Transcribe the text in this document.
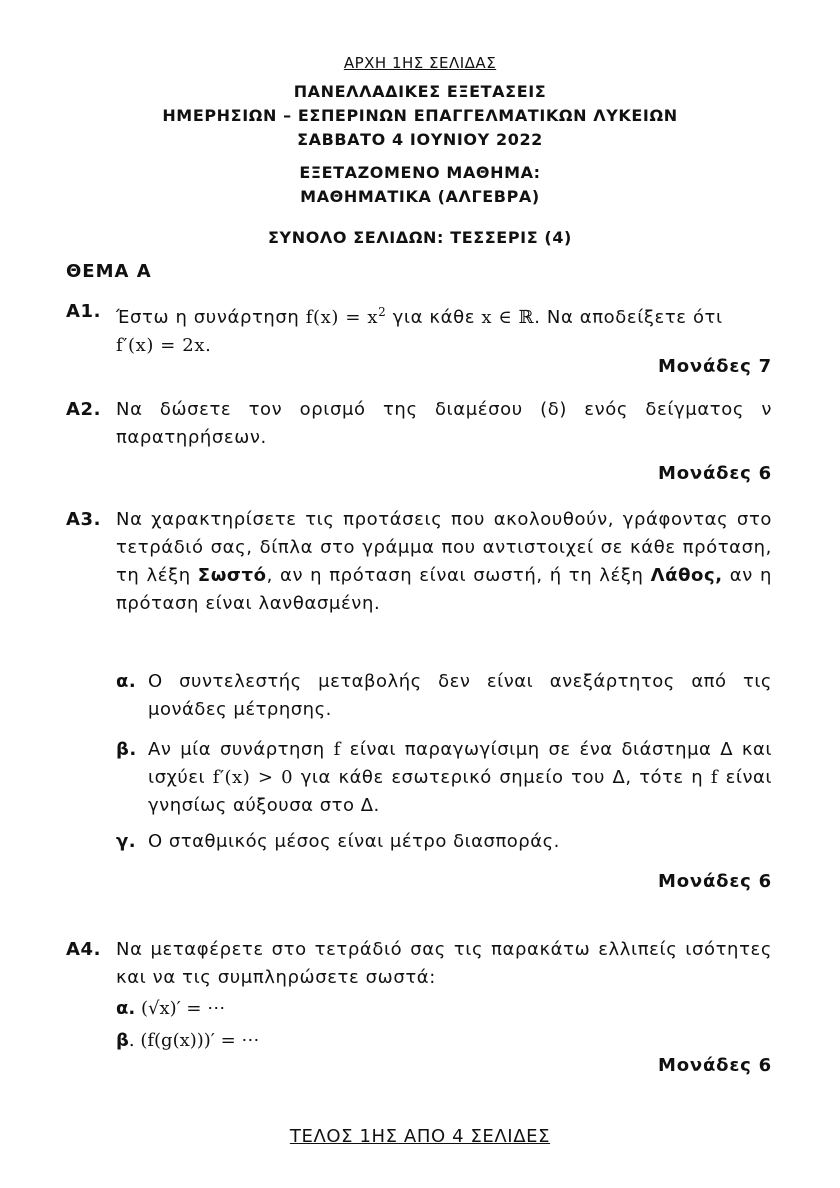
ΑΡΧΗ 1ΗΣ ΣΕΛΙΔΑΣ
ΠΑΝΕΛΛΑΔΙΚΕΣ ΕΞΕΤΑΣΕΙΣ
ΗΜΕΡΗΣΙΩΝ – ΕΣΠΕΡΙΝΩΝ ΕΠΑΓΓΕΛΜΑΤΙΚΩΝ ΛΥΚΕΙΩΝ
ΣΑΒΒΑΤΟ 4 ΙΟΥΝΙΟΥ 2022
ΕΞΕΤΑΖΟΜΕΝΟ ΜΑΘΗΜΑ:
ΜΑΘΗΜΑΤΙΚΑ (ΑΛΓΕΒΡΑ)
ΣΥΝΟΛΟ ΣΕΛΙΔΩΝ: ΤΕΣΣΕΡΙΣ (4)
ΘΕΜΑ Α
Α1. Έστω η συνάρτηση $f(x) = x^2$ για κάθε x ∈ ℝ. Να αποδείξετε ότι
f′(x) = 2x.
Μονάδες 7
Α2. Να δώσετε τον ορισμό της διαμέσου (δ) ενός δείγματος ν παρατηρήσεων.
Μονάδες 6
Α3. Να χαρακτηρίσετε τις προτάσεις που ακολουθούν, γράφοντας στο τετράδιό σας, δίπλα στο γράμμα που αντιστοιχεί σε κάθε πρόταση, τη λέξη Σωστό, αν η πρόταση είναι σωστή, ή τη λέξη Λάθος, αν η πρόταση είναι λανθασμένη.
α. Ο συντελεστής μεταβολής δεν είναι ανεξάρτητος από τις μονάδες μέτρησης.
β. Αν μία συνάρτηση f είναι παραγωγίσιμη σε ένα διάστημα Δ και ισχύει f′(x) > 0 για κάθε εσωτερικό σημείο του Δ, τότε η f είναι γνησίως αύξουσα στο Δ.
γ. Ο σταθμικός μέσος είναι μέτρο διασποράς.
Μονάδες 6
Α4. Να μεταφέρετε στο τετράδιό σας τις παρακάτω ελλιπείς ισότητες και να τις συμπληρώσετε σωστά:
α. (√x)′ = ⋯
β. (f(g(x)))′ = ⋯
Μονάδες 6
ΤΕΛΟΣ 1ΗΣ ΑΠΟ 4 ΣΕΛΙΔΕΣ
